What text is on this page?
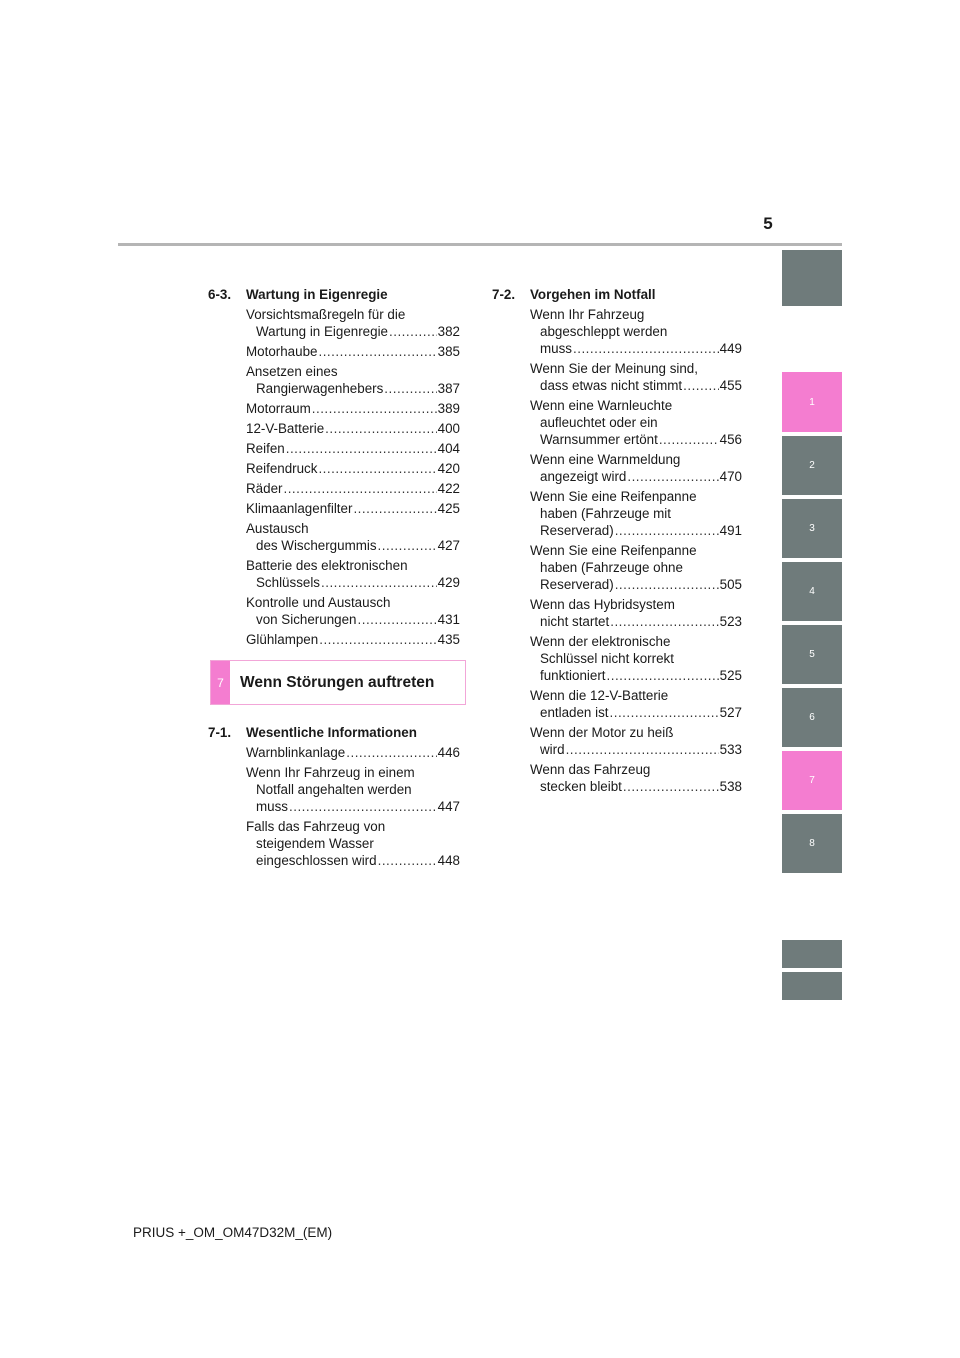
5
6-3.	Wartung in Eigenregie
Vorsichtsmaßregeln für die
Wartung in Eigenregie .....	382
Motorhaube .....	385
Ansetzen eines
Rangierwagenhebers .....	387
Motorraum .....	389
12-V-Batterie .....	400
Reifen .....	404
Reifendruck .....	420
Räder .....	422
Klimaanlagenfilter .....	425
Austausch
des Wischergummis .....	427
Batterie des elektronischen
Schlüssels .....	429
Kontrolle und Austausch
von Sicherungen .....	431
Glühlampen .....	435
7	Wenn Störungen auftreten
7-1.	Wesentliche Informationen
Warnblinkanlage .....	446
Wenn Ihr Fahrzeug in einem
Notfall angehalten werden
muss .....	447
Falls das Fahrzeug von
steigendem Wasser
eingeschlossen wird .....	448
7-2.	Vorgehen im Notfall
Wenn Ihr Fahrzeug
abgeschleppt werden
muss .....	449
Wenn Sie der Meinung sind,
dass etwas nicht stimmt .....	455
Wenn eine Warnleuchte
aufleuchtet oder ein
Warnsummer ertönt .....	456
Wenn eine Warnmeldung
angezeigt wird .....	470
Wenn Sie eine Reifenpanne
haben (Fahrzeuge mit
Reserverad) .....	491
Wenn Sie eine Reifenpanne
haben (Fahrzeuge ohne
Reserverad) .....	505
Wenn das Hybridsystem
nicht startet .....	523
Wenn der elektronische
Schlüssel nicht korrekt
funktioniert .....	525
Wenn die 12-V-Batterie
entladen ist .....	527
Wenn der Motor zu heiß
wird .....	533
Wenn das Fahrzeug
stecken bleibt .....	538
1
2
3
4
5
6
7
8
PRIUS +_OM_OM47D32M_(EM)
